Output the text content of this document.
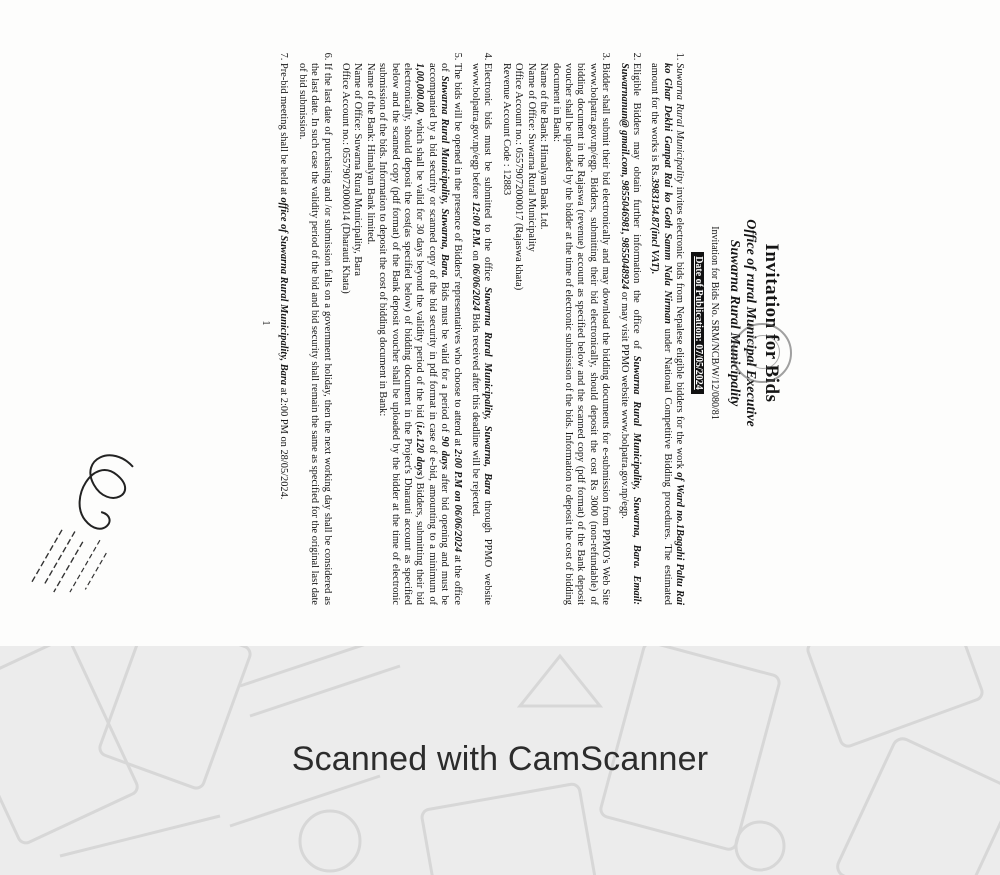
Invitation for Bids
Office of rural Municipal Executive
Suwarna Rural Municipality
Invitation for Bids No. SRM/NCB/W/12/080/81
Date of Publication: 07/05/2024
1. Suwarna Rural Municipality invites electronic bids from Nepalese eligible bidders for the work of Ward no.1Bagahi Paltu Rai ko Ghar Dekhi Ganpat Rai ko Goth Samm Nala Nirman under National Competitive Bidding procedures. The estimated amount for the works is Rs.3983134.87(incl VAT).
2. Eligible Bidders may obtain further information the office of Suwarna Rural Municipality, Suwarna, Bara. Email: Suwarnanun@ gmail.com, 9855046981, 9855048924 or may visit PPMO website www.bolpatra.gov.np/egp.
3. Bidder shall submit their bid electronically and may download the bidding documents for e-submission from PPMO's Web Site www.bolpatra.gov.np/egp. Bidders, submitting their bid electronically, should deposit the cost Rs 3000 (non-refundable) of bidding document in the Rajaswa (revenue) account as specified below and the scanned copy (pdf format) of the Bank deposit voucher shall be uploaded by the bidder at the time of electronic submission of the bids. Information to deposit the cost of bidding document in Bank:
Name of the Bank: Himalyan Bank Ltd.
Name of Office: Suwarna Rural Municipality
Office Account no.: 05579072000017 (Rajaswa khata)
Revenue Account Code : 12883
4. Electronic bids must be submitted to the office Suwarna Rural Municipality, Suwarna, Bara through PPMO website www.bolpatra.gov.np/egp before 12:00 P.M. on 06/06/2024 Bids received after this deadline will be rejected.
5. The bids will be opened in the presence of Bidders' representatives who choose to attend at 2:00 P.M on 06/06/2024 at the office of Suwarna Rural Municipality, Suwarna, Bara. Bids must be valid for a period of 90 days after bid opening and must be accompanied by a bid security or scanned copy of the bid security in pdf format in case of e-bid, amounting to a minimum of 1,00,000.00, which shall be valid for 30 days beyond the validity period of the bid (i.e.120 days) Bidders, submitting their bid electronically, should deposit the cost(as specified below) of bidding document in the Project's Dharauti account as specified below and the scanned copy (pdf format) of the Bank deposit voucher shall be uploaded by the bidder at the time of electronic submission of the bids. Information to deposit the cost of bidding document in Bank:
Name of the Bank: Himalyan Bank limited.
Name of Office: Suwarna Rural Municipality, Bara
Office Account no.: 05579072000014 (Dharauti Khata)
6. If the last date of purchasing and /or submission falls on a government holiday, then the next working day shall be considered as the last date. In such case the validity period of the bid and bid security shall remain the same as specified for the original last date of bid submission.
7. Pre-bid meeting shall be held at office of Suwarna Rural Municipality, Bara at 2:00 PM on 28/05/2024.
1
Scanned with CamScanner
